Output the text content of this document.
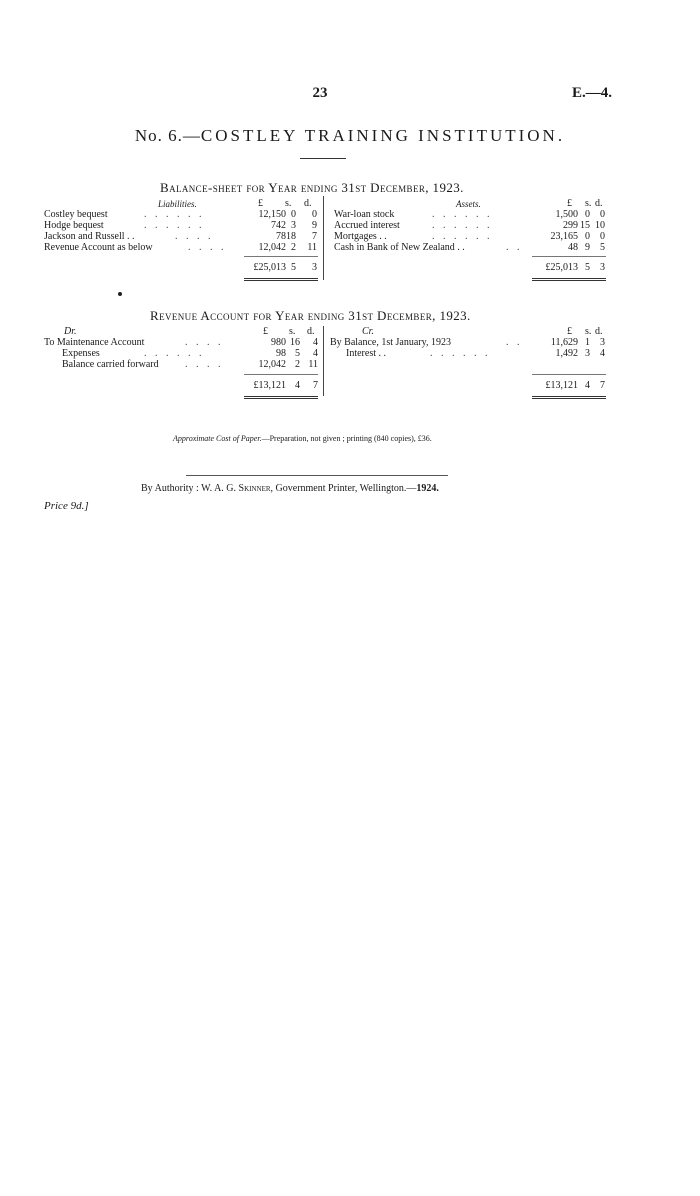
23	E.—4.
No. 6.—COSTLEY TRAINING INSTITUTION.
Balance-sheet for Year ending 31st December, 1923.
Liabilities.	Assets.
£ s. d.	£ s. d.
Costley bequest	. . . . . .	12,150 0	0
Hodge bequest	. . . . . .	742 3	9
Jackson and Russell . .	. . . .	78 18	7
Revenue Account as below	. . . .	12,042 2	11
War-loan stock	. . . . . .	1,500 0	0
Accrued interest	. . . . . .	299 15 10
Mortgages . .	. . . . . .	23,165 0	0
Cash in Bank of New Zealand . .	. .	48 9	5
£25,013 5	3	£25,013 5	3
Revenue Account for Year ending 31st December, 1923.
Dr.	Cr.
£ s. d.	£ s. d.
To Maintenance Account	. . . .	980 16	4
Expenses	. . . . . .	98 5	4
Balance carried forward	. . . .	12,042 2 11
By Balance, 1st January, 1923	. .	11,629 1	3
Interest . .	. . . . . .	1,492 3	4
£13,121 4	7	£13,121 4	7
Approximate Cost of Paper.—Preparation, not given ; printing (840 copies), £36.
By Authority : W. A. G. Skinner, Government Printer, Wellington.—1924.
Price 9d.]
